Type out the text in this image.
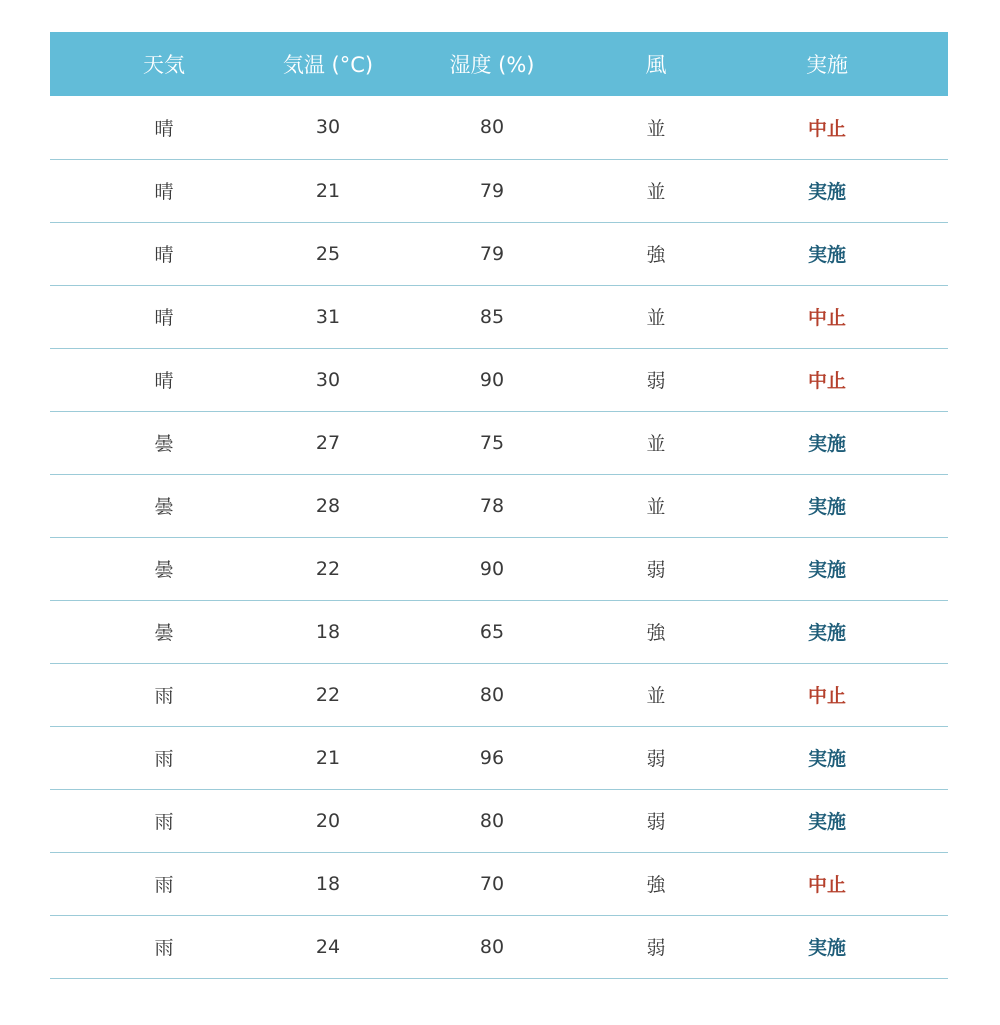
天気	気温 (°C)	湿度 (%)	風	実施
晴	30	80	並	中止
晴	21	79	並	実施
晴	25	79	強	実施
晴	31	85	並	中止
晴	30	90	弱	中止
曇	27	75	並	実施
曇	28	78	並	実施
曇	22	90	弱	実施
曇	18	65	強	実施
雨	22	80	並	中止
雨	21	96	弱	実施
雨	20	80	弱	実施
雨	18	70	強	中止
雨	24	80	弱	実施
